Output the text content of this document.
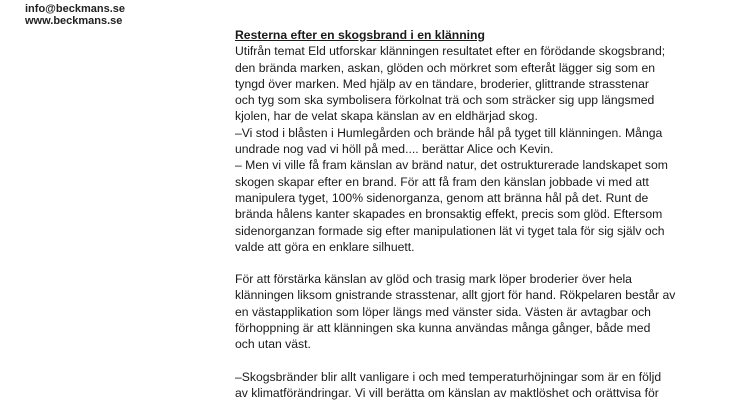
info@beckmans.se
www.beckmans.se
Resterna efter en skogsbrand i en klänning

Utifrån temat Eld utforskar klänningen resultatet efter en förödande skogsbrand;

den brända marken, askan, glöden och mörkret som efteråt lägger sig som en

tyngd över marken. Med hjälp av en tändare, broderier, glittrande strasstenar

och tyg som ska symbolisera förkolnat trä och som sträcker sig upp längsmed

kjolen, har de velat skapa känslan av en eldhärjad skog.

–Vi stod i blåsten i Humlegården och brände hål på tyget till klänningen. Många

undrade nog vad vi höll på med.... berättar Alice och Kevin.

– Men vi ville få fram känslan av bränd natur, det ostrukturerade landskapet som

skogen skapar efter en brand. För att få fram den känslan jobbade vi med att

manipulera tyget, 100% sidenorganza, genom att bränna hål på det. Runt de

brända hålens kanter skapades en bronsaktig effekt, precis som glöd. Eftersom

sidenorganzan formade sig efter manipulationen lät vi tyget tala för sig själv och

valde att göra en enklare silhuett.

För att förstärka känslan av glöd och trasig mark löper broderier över hela

klänningen liksom gnistrande strasstenar, allt gjort för hand. Rökpelaren består av

en västapplikation som löper längs med vänster sida. Västen är avtagbar och

förhoppning är att klänningen ska kunna användas många gånger, både med

och utan väst.

–Skogsbränder blir allt vanligare i och med temperaturhöjningar som är en följd

av klimatförändringar. Vi vill berätta om känslan av maktlöshet och orättvisa för
